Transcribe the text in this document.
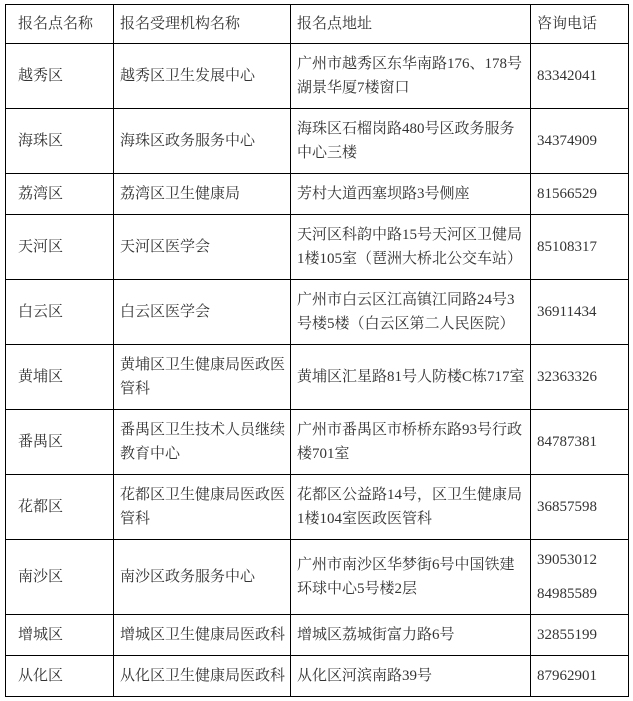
报名点名称	报名受理机构名称	报名点地址	咨询电话
越秀区	越秀区卫生发展中心	广州市越秀区东华南路176、178号湖景华厦7楼窗口	83342041

海珠区	海珠区政务服务中心	海珠区石榴岗路480号区政务服务中心三楼	34374909

荔湾区	荔湾区卫生健康局	芳村大道西塞坝路3号侧座	81566529

天河区	天河区医学会	天河区科韵中路15号天河区卫健局1楼105室（琶洲大桥北公交车站）	85108317

白云区	白云区医学会	广州市白云区江高镇江同路24号3号楼5楼（白云区第二人民医院）	36911434

黄埔区	黄埔区卫生健康局医政医管科	黄埔区汇星路81号人防楼C栋717室	32363326

番禺区	番禺区卫生技术人员继续教育中心	广州市番禺区市桥桥东路93号行政楼701室	84787381

花都区	花都区卫生健康局医政医管科	花都区公益路14号，区卫生健康局1楼104室医政医管科	36857598

南沙区	南沙区政务服务中心	广州市南沙区华梦街6号中国铁建环球中心5号楼2层	39053012
84985589

增城区	增城区卫生健康局医政科	增城区荔城街富力路6号	32855199

从化区	从化区卫生健康局医政科	从化区河滨南路39号	87962901
